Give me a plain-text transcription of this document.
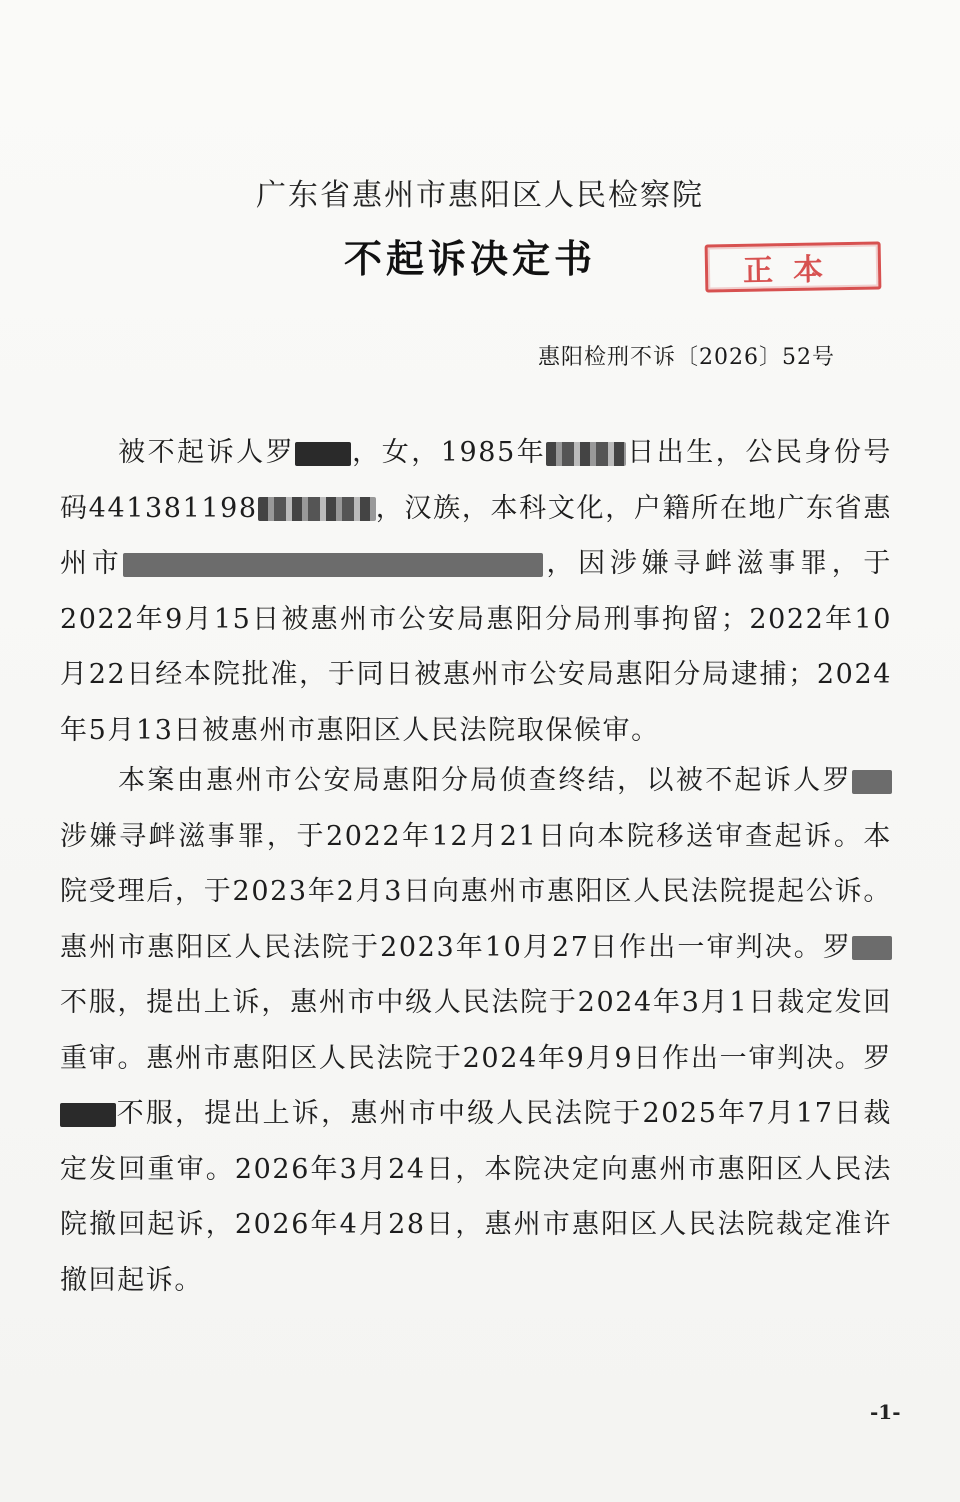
广东省惠州市惠阳区人民检察院
不起诉决定书	正本
惠阳检刑不诉〔2026〕52号

  被不起诉人罗 ，女，1985年	日出生，公民身份号码441381198	，汉族，本科文化，户籍所在地广东省惠州市	，因涉嫌寻衅滋事罪，于2022年9月15日被惠州市公安局惠阳分局刑事拘留；2022年10月22日经本院批准，于同日被惠州市公安局惠阳分局逮捕；2024年5月13日被惠州市惠阳区人民法院取保候审。

  本案由惠州市公安局惠阳分局侦查终结，以被不起诉人罗涉嫌寻衅滋事罪，于2022年12月21日向本院移送审查起诉。本院受理后，于2023年2月3日向惠州市惠阳区人民法院提起公诉。惠州市惠阳区人民法院于2023年10月27日作出一审判决。罗不服，提出上诉，惠州市中级人民法院于2024年3月1日裁定发回重审。惠州市惠阳区人民法院于2024年9月9日作出一审判决。罗不服，提出上诉，惠州市中级人民法院于2025年7月17日裁定发回重审。2026年3月24日，本院决定向惠州市惠阳区人民法院撤回起诉，2026年4月28日，惠州市惠阳区人民法院裁定准许撤回起诉。

-1-
